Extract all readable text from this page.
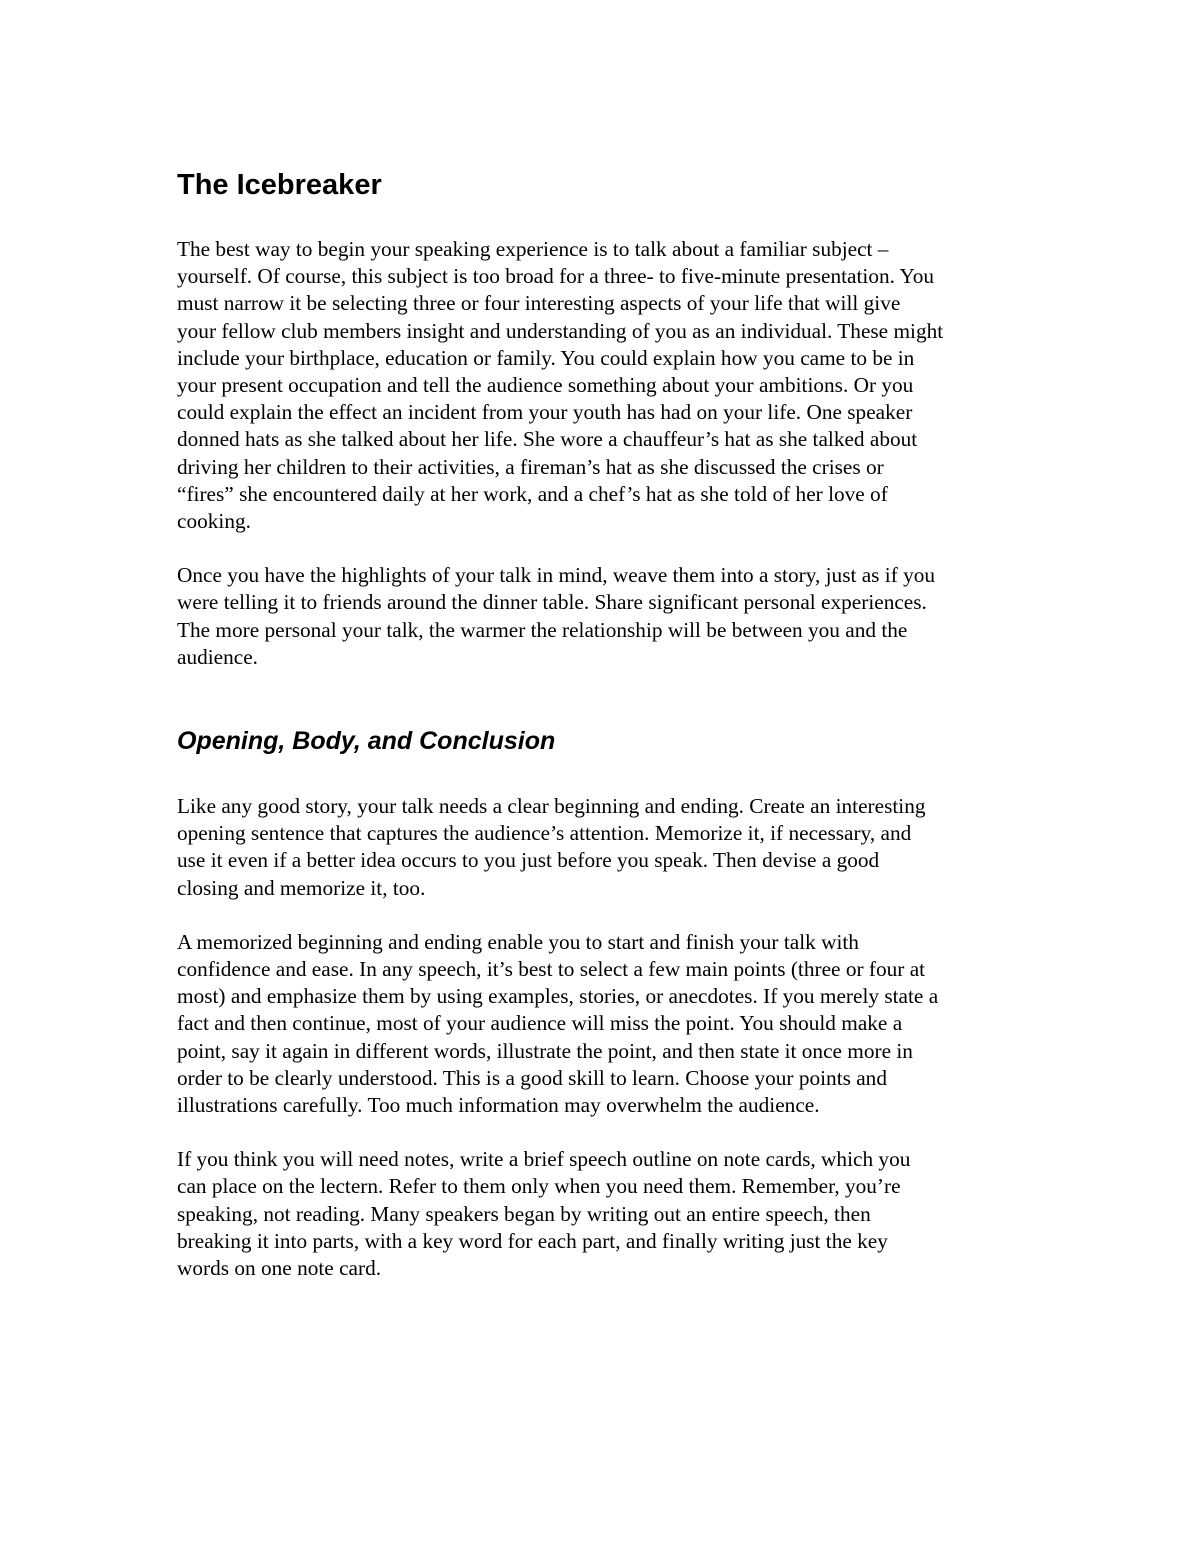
The Icebreaker

The best way to begin your speaking experience is to talk about a familiar subject –
yourself. Of course, this subject is too broad for a three- to five-minute presentation. You
must narrow it be selecting three or four interesting aspects of your life that will give
your fellow club members insight and understanding of you as an individual. These might
include your birthplace, education or family. You could explain how you came to be in
your present occupation and tell the audience something about your ambitions. Or you
could explain the effect an incident from your youth has had on your life. One speaker
donned hats as she talked about her life. She wore a chauffeur’s hat as she talked about
driving her children to their activities, a fireman’s hat as she discussed the crises or
“fires” she encountered daily at her work, and a chef’s hat as she told of her love of
cooking.

Once you have the highlights of your talk in mind, weave them into a story, just as if you
were telling it to friends around the dinner table. Share significant personal experiences.
The more personal your talk, the warmer the relationship will be between you and the
audience.

Opening, Body, and Conclusion

Like any good story, your talk needs a clear beginning and ending. Create an interesting
opening sentence that captures the audience’s attention. Memorize it, if necessary, and
use it even if a better idea occurs to you just before you speak. Then devise a good
closing and memorize it, too.

A memorized beginning and ending enable you to start and finish your talk with
confidence and ease. In any speech, it’s best to select a few main points (three or four at
most) and emphasize them by using examples, stories, or anecdotes. If you merely state a
fact and then continue, most of your audience will miss the point. You should make a
point, say it again in different words, illustrate the point, and then state it once more in
order to be clearly understood. This is a good skill to learn. Choose your points and
illustrations carefully. Too much information may overwhelm the audience.

If you think you will need notes, write a brief speech outline on note cards, which you
can place on the lectern. Refer to them only when you need them. Remember, you’re
speaking, not reading. Many speakers began by writing out an entire speech, then
breaking it into parts, with a key word for each part, and finally writing just the key
words on one note card.
